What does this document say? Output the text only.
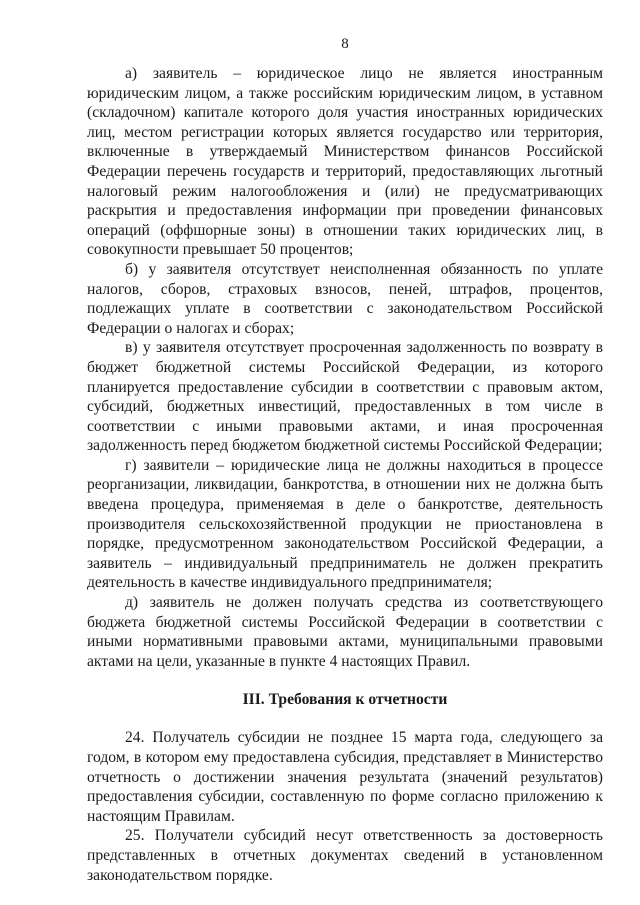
8

а) заявитель – юридическое лицо не является иностранным юридическим лицом, а также российским юридическим лицом, в уставном (складочном) капитале которого доля участия иностранных юридических лиц, местом регистрации которых является государство или территория, включенные в утверждаемый Министерством финансов Российской Федерации перечень государств и территорий, предоставляющих льготный налоговый режим налогообложения и (или) не предусматривающих раскрытия и предоставления информации при проведении финансовых операций (оффшорные зоны) в отношении таких юридических лиц, в совокупности превышает 50 процентов;

б) у заявителя отсутствует неисполненная обязанность по уплате налогов, сборов, страховых взносов, пеней, штрафов, процентов, подлежащих уплате в соответствии с законодательством Российской Федерации о налогах и сборах;

в) у заявителя отсутствует просроченная задолженность по возврату в бюджет бюджетной системы Российской Федерации, из которого планируется предоставление субсидии в соответствии с правовым актом, субсидий, бюджетных инвестиций, предоставленных в том числе в соответствии с иными правовыми актами, и иная просроченная задолженность перед бюджетом бюджетной системы Российской Федерации;

г) заявители – юридические лица не должны находиться в процессе реорганизации, ликвидации, банкротства, в отношении них не должна быть введена процедура, применяемая в деле о банкротстве, деятельность производителя сельскохозяйственной продукции не приостановлена в порядке, предусмотренном законодательством Российской Федерации, а заявитель – индивидуальный предприниматель не должен прекратить деятельность в качестве индивидуального предпринимателя;

д) заявитель не должен получать средства из соответствующего бюджета бюджетной системы Российской Федерации в соответствии с иными нормативными правовыми актами, муниципальными правовыми актами на цели, указанные в пункте 4 настоящих Правил.

III. Требования к отчетности

24. Получатель субсидии не позднее 15 марта года, следующего за годом, в котором ему предоставлена субсидия, представляет в Министерство отчетность о достижении значения результата (значений результатов) предоставления субсидии, составленную по форме согласно приложению к настоящим Правилам.

25. Получатели субсидий несут ответственность за достоверность представленных в отчетных документах сведений в установленном законодательством порядке.
